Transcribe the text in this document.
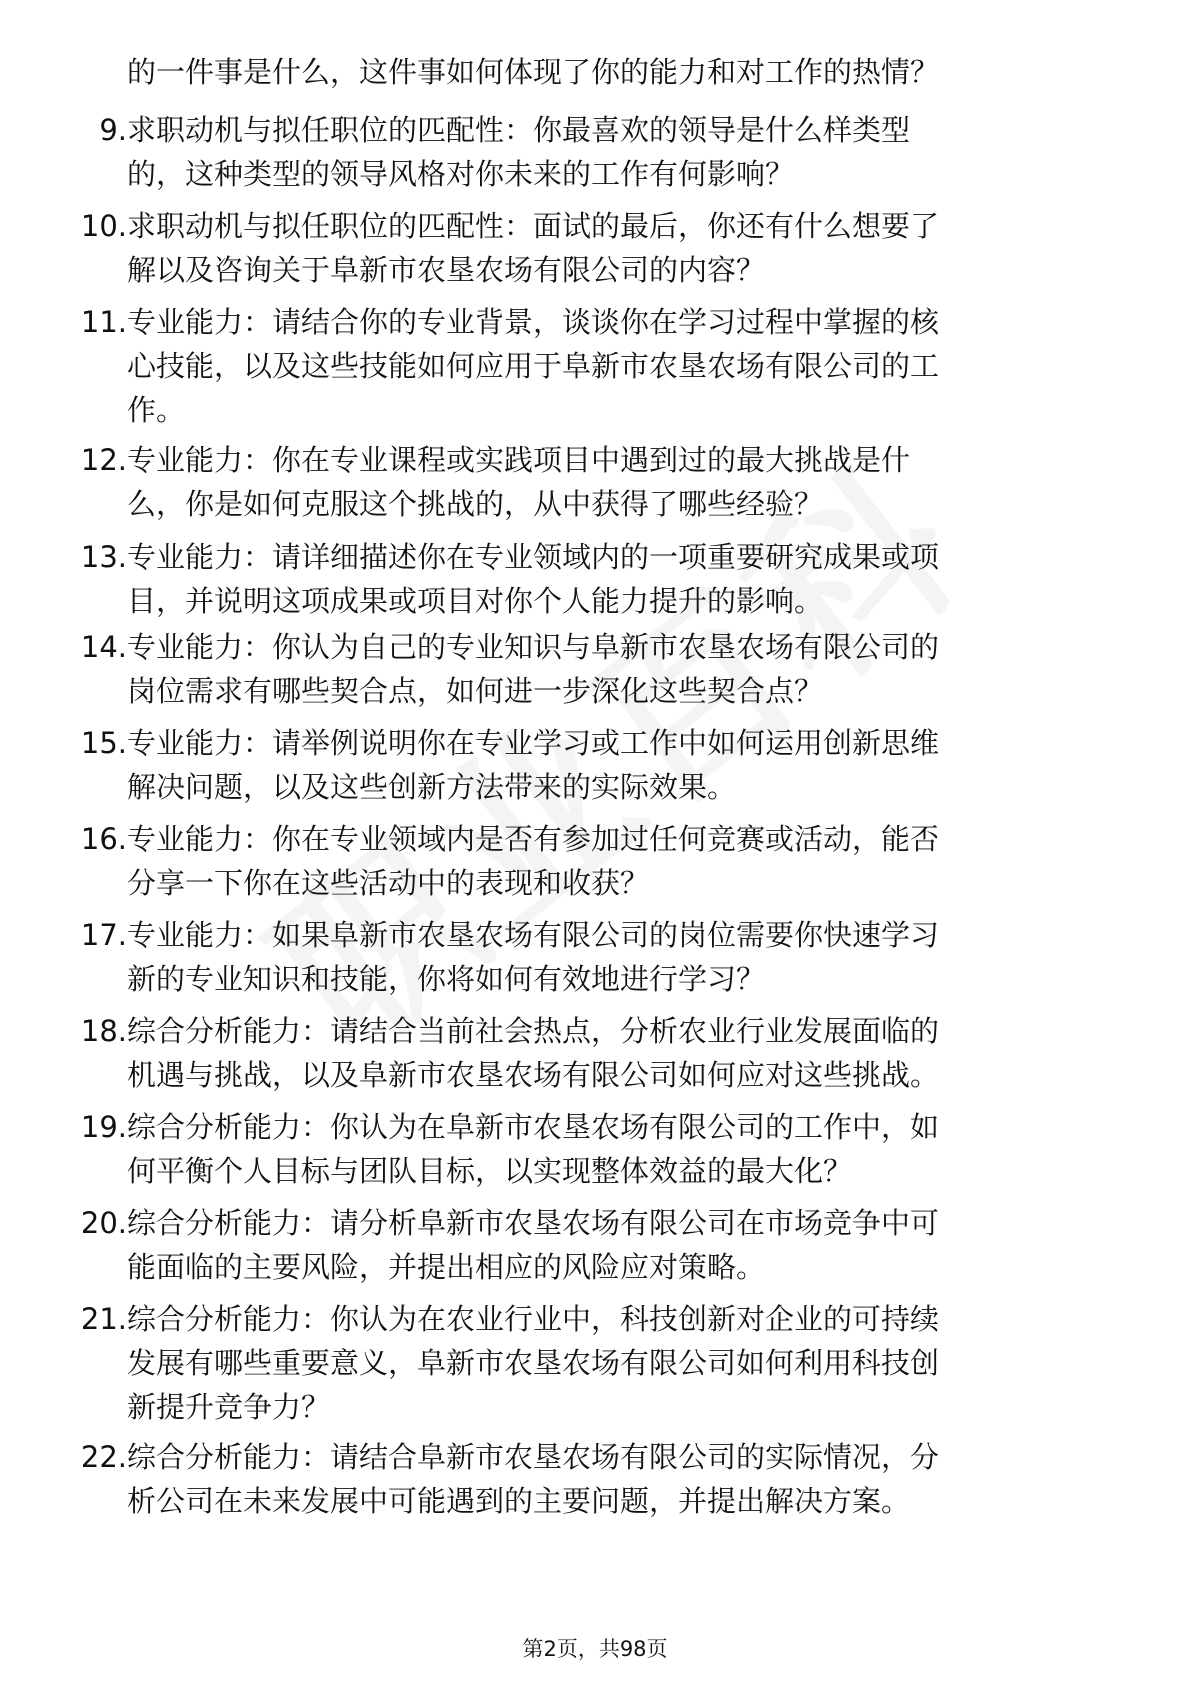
的一件事是什么，这件事如何体现了你的能力和对工作的热情？
9. 求职动机与拟任职位的匹配性：你最喜欢的领导是什么样类型
的，这种类型的领导风格对你未来的工作有何影响？
10. 求职动机与拟任职位的匹配性：面试的最后，你还有什么想要了
解以及咨询关于阜新市农垦农场有限公司的内容？
11. 专业能力：请结合你的专业背景，谈谈你在学习过程中掌握的核
心技能，以及这些技能如何应用于阜新市农垦农场有限公司的工
作。
12. 专业能力：你在专业课程或实践项目中遇到过的最大挑战是什
么，你是如何克服这个挑战的，从中获得了哪些经验？
13. 专业能力：请详细描述你在专业领域内的一项重要研究成果或项
目，并说明这项成果或项目对你个人能力提升的影响。
14. 专业能力：你认为自己的专业知识与阜新市农垦农场有限公司的
岗位需求有哪些契合点，如何进一步深化这些契合点？
15. 专业能力：请举例说明你在专业学习或工作中如何运用创新思维
解决问题，以及这些创新方法带来的实际效果。
16. 专业能力：你在专业领域内是否有参加过任何竞赛或活动，能否
分享一下你在这些活动中的表现和收获？
17. 专业能力：如果阜新市农垦农场有限公司的岗位需要你快速学习
新的专业知识和技能，你将如何有效地进行学习？
18. 综合分析能力：请结合当前社会热点，分析农业行业发展面临的
机遇与挑战，以及阜新市农垦农场有限公司如何应对这些挑战。
19. 综合分析能力：你认为在阜新市农垦农场有限公司的工作中，如
何平衡个人目标与团队目标，以实现整体效益的最大化？
20. 综合分析能力：请分析阜新市农垦农场有限公司在市场竞争中可
能面临的主要风险，并提出相应的风险应对策略。
21. 综合分析能力：你认为在农业行业中，科技创新对企业的可持续
发展有哪些重要意义，阜新市农垦农场有限公司如何利用科技创
新提升竞争力？
22. 综合分析能力：请结合阜新市农垦农场有限公司的实际情况，分
析公司在未来发展中可能遇到的主要问题，并提出解决方案。
第2页，共98页
